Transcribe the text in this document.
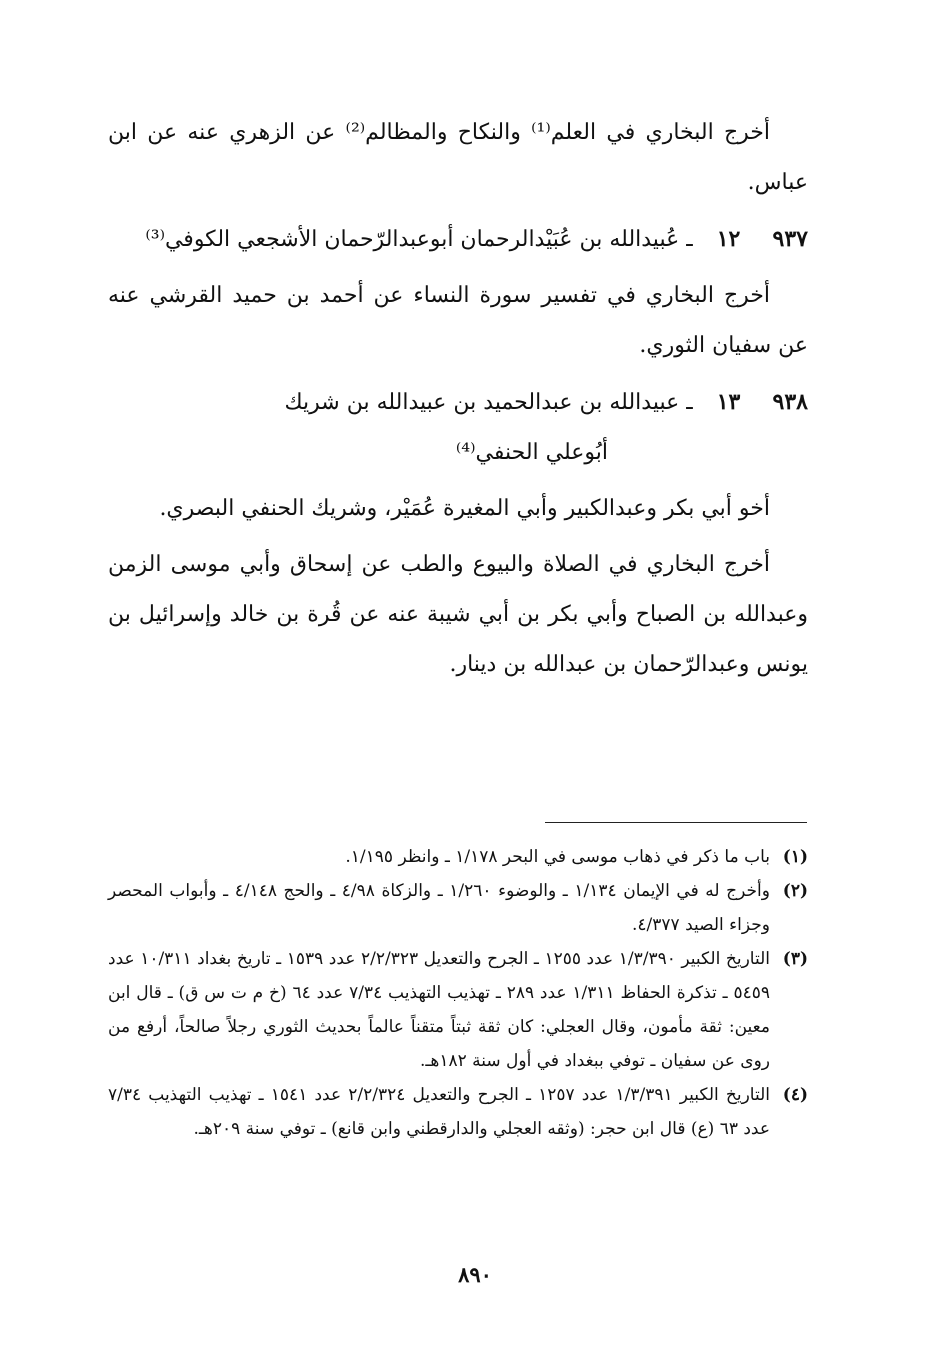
أخرج البخاري في العلم⁽¹⁾ والنكاح والمظالم⁽²⁾ عن الزهري عنه عن ابن عباس.

٩٣٧ ١٢ ـ عُبيدالله بن عُبَيْدالرحمان أبوعبدالرّحمان الأشجعي الكوفي⁽³⁾

أخرج البخاري في تفسير سورة النساء عن أحمد بن حميد القرشي عنه عن سفيان الثوري.

٩٣٨ ١٣ ـ عبيدالله بن عبدالحميد بن عبيدالله بن شريك
أبُوعلي الحنفي⁽⁴⁾

أخو أبي بكر وعبدالكبير وأبي المغيرة عُمَيْر، وشريك الحنفي البصري.

أخرج البخاري في الصلاة والبيوع والطب عن إسحاق وأبي موسى الزمن وعبدالله بن الصباح وأبي بكر بن أبي شيبة عنه عن قُرة بن خالد وإسرائيل بن يونس وعبدالرّحمان بن عبدالله بن دينار.

(١)
باب ما ذكر في ذهاب موسى في البحر ١/١٧٨ ـ وانظر ١/١٩٥.

(٢)
وأخرج له في الإيمان ١/١٣٤ ـ والوضوء ١/٢٦٠ ـ والزكاة ٤/٩٨ ـ والحج ٤/١٤٨ ـ وأبواب المحصر وجزاء الصيد ٤/٣٧٧.

(٣)
التاريخ الكبير ١/٣/٣٩٠ عدد ١٢٥٥ ـ الجرح والتعديل ٢/٢/٣٢٣ عدد ١٥٣٩ ـ تاريخ بغداد ١٠/٣١١ عدد ٥٤٥٩ ـ تذكرة الحفاظ ١/٣١١ عدد ٢٨٩ ـ تهذيب التهذيب ٧/٣٤ عدد ٦٤ (خ م ت س ق) ـ قال ابن معين: ثقة مأمون، وقال العجلي: كان ثقة ثبتاً متقناً عالماً بحديث الثوري رجلاً صالحاً، أرفع من روى عن سفيان ـ توفي ببغداد في أول سنة ١٨٢هـ.

(٤)
التاريخ الكبير ١/٣/٣٩١ عدد ١٢٥٧ ـ الجرح والتعديل ٢/٢/٣٢٤ عدد ١٥٤١ ـ تهذيب التهذيب ٧/٣٤ عدد ٦٣ (ع) قال ابن حجر: (وثقه العجلي والدارقطني وابن قانع) ـ توفي سنة ٢٠٩هـ.

٨٩٠
